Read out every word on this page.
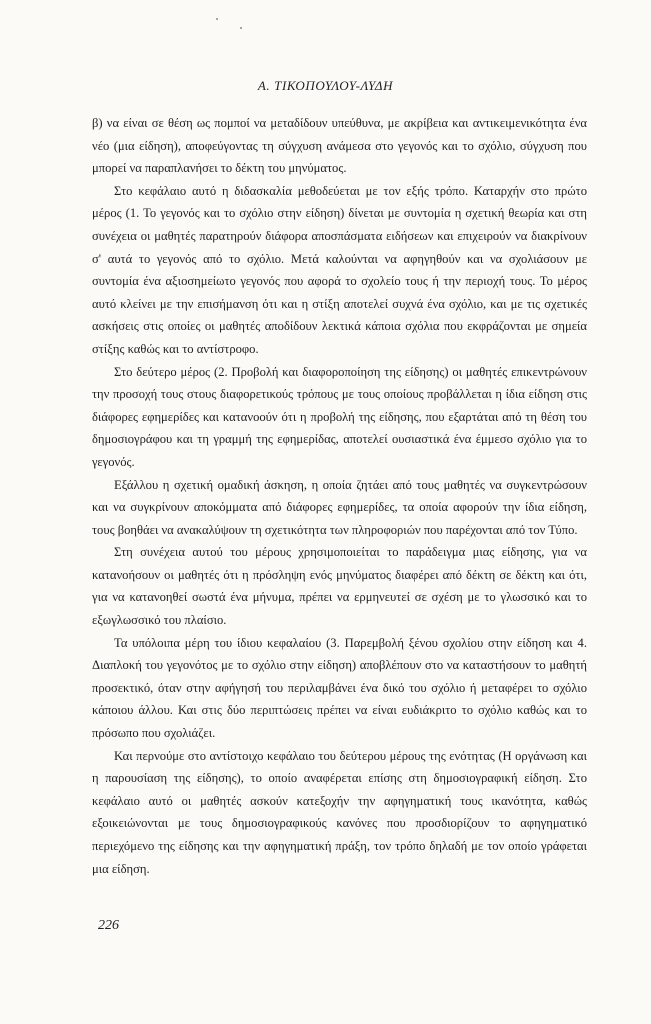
Α. ΤΙΚΟΠΟΥΛΟΥ-ΛΥΔΗ

β) να είναι σε θέση ως πομποί να μεταδίδουν υπεύθυνα, με ακρίβεια και αντικειμενικότητα ένα νέο (μια είδηση), αποφεύγοντας τη σύγχυση ανάμεσα στο γεγονός και το σχόλιο, σύγχυση που μπορεί να παραπλανήσει το δέκτη του μηνύματος.

Στο κεφάλαιο αυτό η διδασκαλία μεθοδεύεται με τον εξής τρόπο. Καταρχήν στο πρώτο μέρος (1. Το γεγονός και το σχόλιο στην είδηση) δίνεται με συντομία η σχετική θεωρία και στη συνέχεια οι μαθητές παρατηρούν διάφορα αποσπάσματα ειδήσεων και επιχειρούν να διακρίνουν σ' αυτά το γεγονός από το σχόλιο. Μετά καλούνται να αφηγηθούν και να σχολιάσουν με συντομία ένα αξιοσημείωτο γεγονός που αφορά το σχολείο τους ή την περιοχή τους. Το μέρος αυτό κλείνει με την επισήμανση ότι και η στίξη αποτελεί συχνά ένα σχόλιο, και με τις σχετικές ασκήσεις στις οποίες οι μαθητές αποδίδουν λεκτικά κάποια σχόλια που εκφράζονται με σημεία στίξης καθώς και το αντίστροφο.

Στο δεύτερο μέρος (2. Προβολή και διαφοροποίηση της είδησης) οι μαθητές επικεντρώνουν την προσοχή τους στους διαφορετικούς τρόπους με τους οποίους προβάλλεται η ίδια είδηση στις διάφορες εφημερίδες και κατανοούν ότι η προβολή της είδησης, που εξαρτάται από τη θέση του δημοσιογράφου και τη γραμμή της εφημερίδας, αποτελεί ουσιαστικά ένα έμμεσο σχόλιο για το γεγονός.

Εξάλλου η σχετική ομαδική άσκηση, η οποία ζητάει από τους μαθητές να συγκεντρώσουν και να συγκρίνουν αποκόμματα από διάφορες εφημερίδες, τα οποία αφορούν την ίδια είδηση, τους βοηθάει να ανακαλύψουν τη σχετικότητα των πληροφοριών που παρέχονται από τον Τύπο.

Στη συνέχεια αυτού του μέρους χρησιμοποιείται το παράδειγμα μιας είδησης, για να κατανοήσουν οι μαθητές ότι η πρόσληψη ενός μηνύματος διαφέρει από δέκτη σε δέκτη και ότι, για να κατανοηθεί σωστά ένα μήνυμα, πρέπει να ερμηνευτεί σε σχέση με το γλωσσικό και το εξωγλωσσικό του πλαίσιο.

Τα υπόλοιπα μέρη του ίδιου κεφαλαίου (3. Παρεμβολή ξένου σχολίου στην είδηση και 4. Διαπλοκή του γεγονότος με το σχόλιο στην είδηση) αποβλέπουν στο να καταστήσουν το μαθητή προσεκτικό, όταν στην αφήγησή του περιλαμβάνει ένα δικό του σχόλιο ή μεταφέρει το σχόλιο κάποιου άλλου. Και στις δύο περιπτώσεις πρέπει να είναι ευδιάκριτο το σχόλιο καθώς και το πρόσωπο που σχολιάζει.

Και περνούμε στο αντίστοιχο κεφάλαιο του δεύτερου μέρους της ενότητας (Η οργάνωση και η παρουσίαση της είδησης), το οποίο αναφέρεται επίσης στη δημοσιογραφική είδηση. Στο κεφάλαιο αυτό οι μαθητές ασκούν κατεξοχήν την αφηγηματική τους ικανότητα, καθώς εξοικειώνονται με τους δημοσιογραφικούς κανόνες που προσδιορίζουν το αφηγηματικό περιεχόμενο της είδησης και την αφηγηματική πράξη, τον τρόπο δηλαδή με τον οποίο γράφεται μια είδηση.

226
